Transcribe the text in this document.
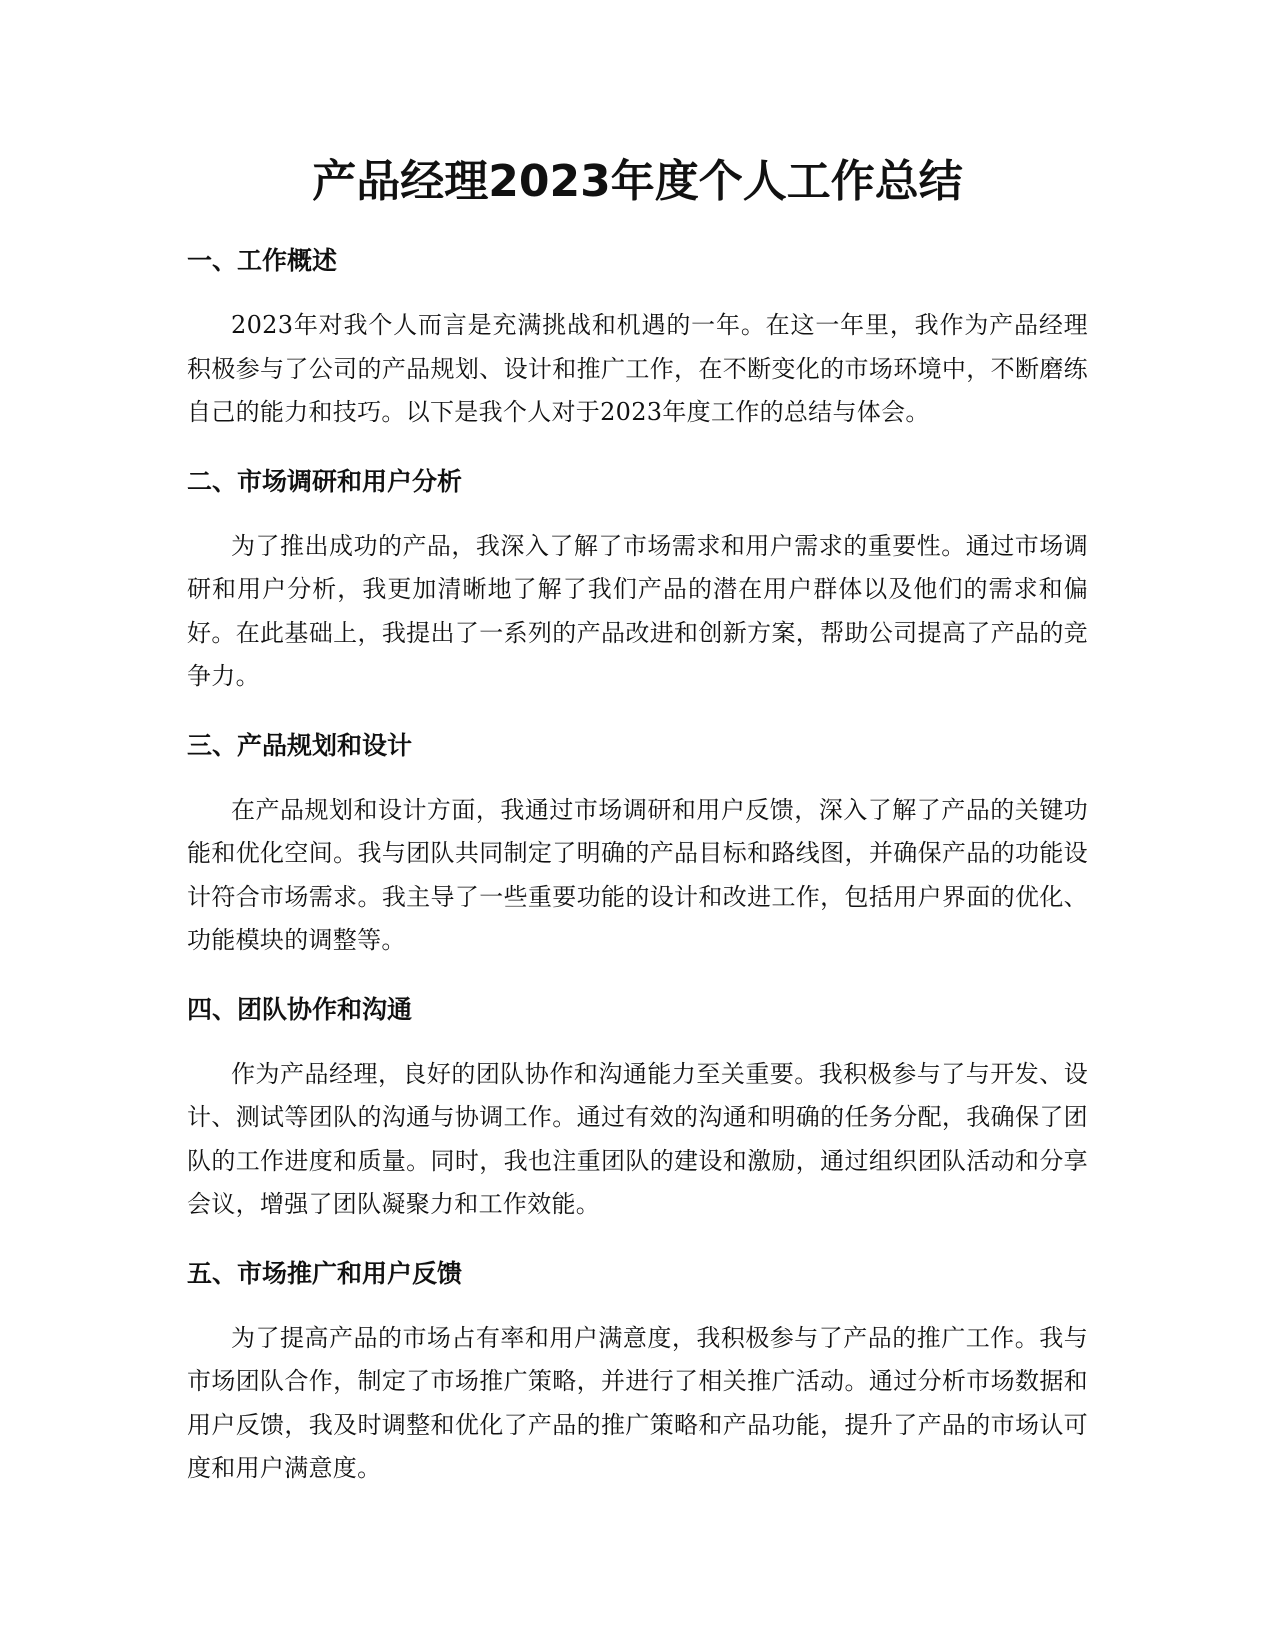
产品经理2023年度个人工作总结
一、工作概述

2023年对我个人而言是充满挑战和机遇的一年。在这一年里，我作为产品经理积极参与了公司的产品规划、设计和推广工作，在不断变化的市场环境中，不断磨练自己的能力和技巧。以下是我个人对于2023年度工作的总结与体会。

二、市场调研和用户分析

为了推出成功的产品，我深入了解了市场需求和用户需求的重要性。通过市场调研和用户分析，我更加清晰地了解了我们产品的潜在用户群体以及他们的需求和偏好。在此基础上，我提出了一系列的产品改进和创新方案，帮助公司提高了产品的竞争力。

三、产品规划和设计

在产品规划和设计方面，我通过市场调研和用户反馈，深入了解了产品的关键功能和优化空间。我与团队共同制定了明确的产品目标和路线图，并确保产品的功能设计符合市场需求。我主导了一些重要功能的设计和改进工作，包括用户界面的优化、功能模块的调整等。

四、团队协作和沟通

作为产品经理，良好的团队协作和沟通能力至关重要。我积极参与了与开发、设计、测试等团队的沟通与协调工作。通过有效的沟通和明确的任务分配，我确保了团队的工作进度和质量。同时，我也注重团队的建设和激励，通过组织团队活动和分享会议，增强了团队凝聚力和工作效能。

五、市场推广和用户反馈

为了提高产品的市场占有率和用户满意度，我积极参与了产品的推广工作。我与市场团队合作，制定了市场推广策略，并进行了相关推广活动。通过分析市场数据和用户反馈，我及时调整和优化了产品的推广策略和产品功能，提升了产品的市场认可度和用户满意度。
